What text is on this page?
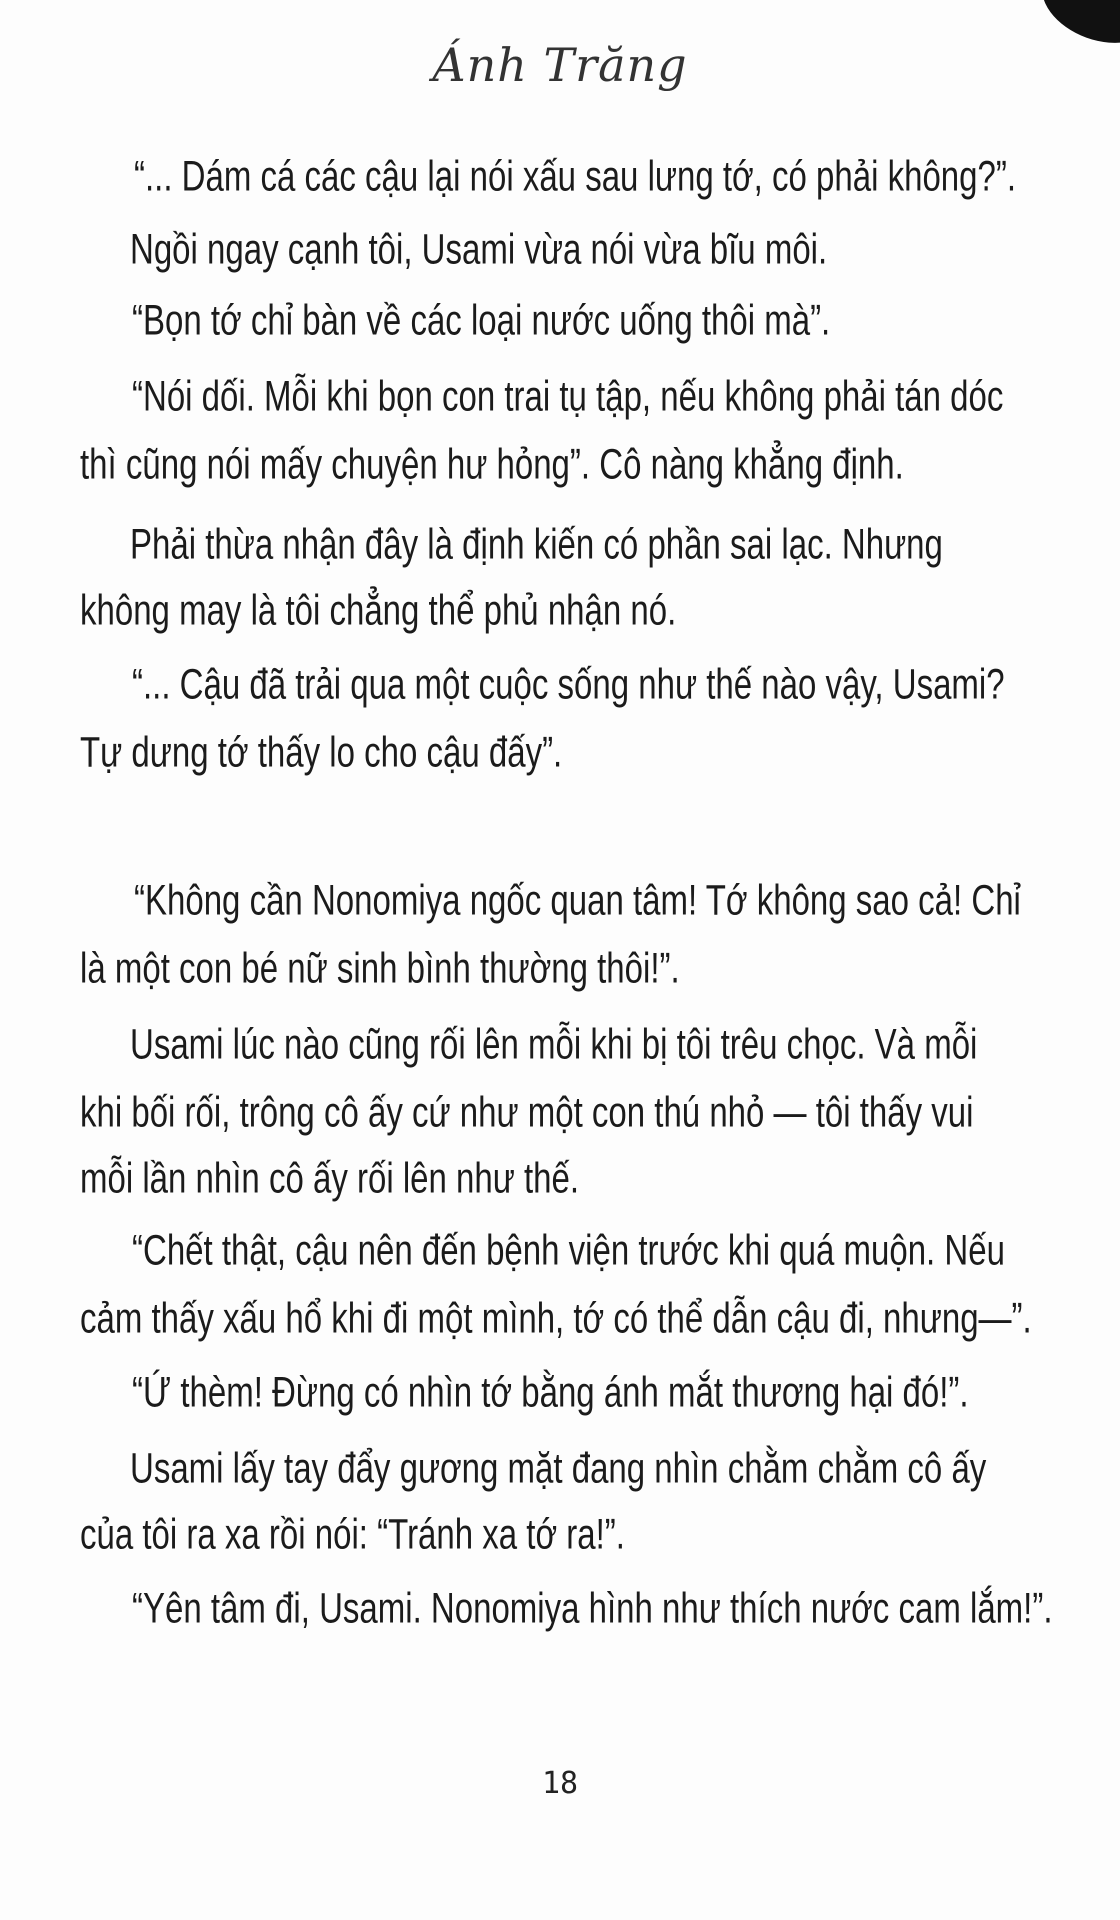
Ánh Trăng
“... Dám cá các cậu lại nói xấu sau lưng tớ, có phải không?”.
Ngồi ngay cạnh tôi, Usami vừa nói vừa bĩu môi.
“Bọn tớ chỉ bàn về các loại nước uống thôi mà”.
“Nói dối. Mỗi khi bọn con trai tụ tập, nếu không phải tán dóc
thì cũng nói mấy chuyện hư hỏng”. Cô nàng khẳng định.
Phải thừa nhận đây là định kiến có phần sai lạc. Nhưng
không may là tôi chẳng thể phủ nhận nó.
“... Cậu đã trải qua một cuộc sống như thế nào vậy, Usami?
Tự dưng tớ thấy lo cho cậu đấy”.
“Không cần Nonomiya ngốc quan tâm! Tớ không sao cả! Chỉ
là một con bé nữ sinh bình thường thôi!”.
Usami lúc nào cũng rối lên mỗi khi bị tôi trêu chọc. Và mỗi
khi bối rối, trông cô ấy cứ như một con thú nhỏ — tôi thấy vui
mỗi lần nhìn cô ấy rối lên như thế.
“Chết thật, cậu nên đến bệnh viện trước khi quá muộn. Nếu
cảm thấy xấu hổ khi đi một mình, tớ có thể dẫn cậu đi, nhưng—”.
“Ứ thèm! Đừng có nhìn tớ bằng ánh mắt thương hại đó!”.
Usami lấy tay đẩy gương mặt đang nhìn chằm chằm cô ấy
của tôi ra xa rồi nói: “Tránh xa tớ ra!”.
“Yên tâm đi, Usami. Nonomiya hình như thích nước cam lắm!”.
18
